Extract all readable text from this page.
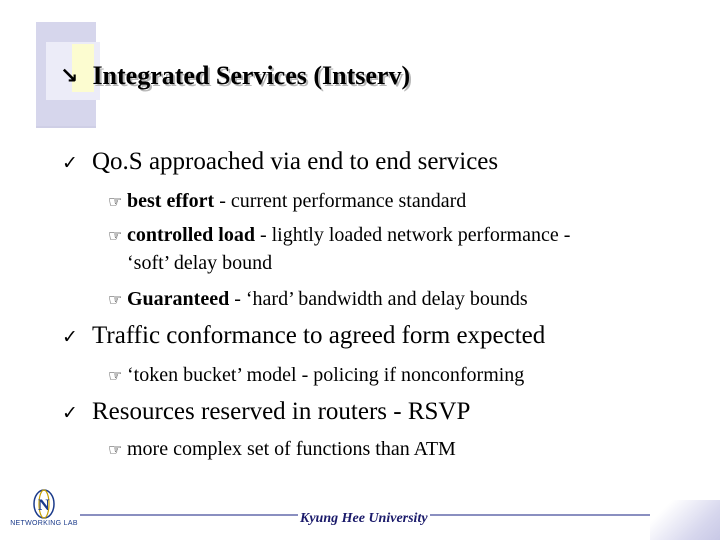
↘ Integrated Services (Intserv)
✓ Qo.S approached via end to end services
☞ best effort - current performance standard
☞ controlled load - lightly loaded network performance -
‘soft’ delay bound
☞ Guaranteed - ‘hard’ bandwidth and delay bounds
✓ Traffic conformance to agreed form expected
☞ ‘token bucket’ model - policing if nonconforming
✓ Resources reserved in routers - RSVP
☞ more complex set of functions than ATM
N
NETWORKING LAB	Kyung Hee University
